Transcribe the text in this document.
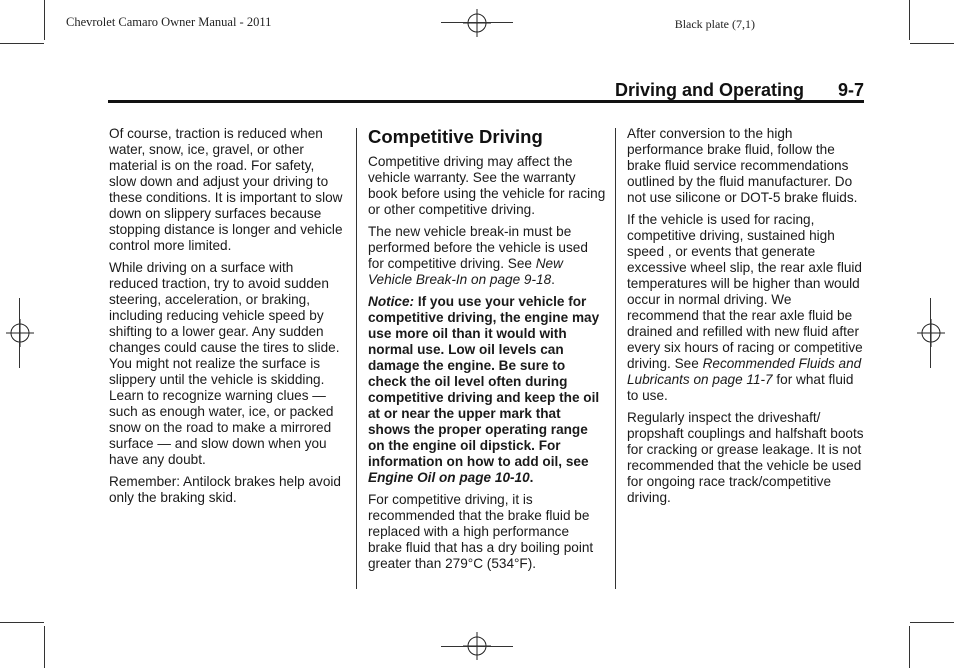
Chevrolet Camaro Owner Manual - 2011	Black plate (7,1)
Driving and Operating 9-7

Of course, traction is reduced when water, snow, ice, gravel, or other material is on the road. For safety, slow down and adjust your driving to these conditions. It is important to slow down on slippery surfaces because stopping distance is longer and vehicle control more limited.

While driving on a surface with reduced traction, try to avoid sudden steering, acceleration, or braking, including reducing vehicle speed by shifting to a lower gear. Any sudden changes could cause the tires to slide. You might not realize the surface is slippery until the vehicle is skidding. Learn to recognize warning clues — such as enough water, ice, or packed snow on the road to make a mirrored surface — and slow down when you have any doubt.

Remember: Antilock brakes help avoid only the braking skid.

Competitive Driving

Competitive driving may affect the vehicle warranty. See the warranty book before using the vehicle for racing or other competitive driving.

The new vehicle break-in must be performed before the vehicle is used for competitive driving. See New Vehicle Break-In on page 9-18.

Notice: If you use your vehicle for competitive driving, the engine may use more oil than it would with normal use. Low oil levels can damage the engine. Be sure to check the oil level often during competitive driving and keep the oil at or near the upper mark that shows the proper operating range on the engine oil dipstick. For information on how to add oil, see Engine Oil on page 10-10.

For competitive driving, it is recommended that the brake fluid be replaced with a high performance brake fluid that has a dry boiling point greater than 279°C (534°F).

After conversion to the high performance brake fluid, follow the brake fluid service recommendations outlined by the fluid manufacturer. Do not use silicone or DOT-5 brake fluids.

If the vehicle is used for racing, competitive driving, sustained high speed , or events that generate excessive wheel slip, the rear axle fluid temperatures will be higher than would occur in normal driving. We recommend that the rear axle fluid be drained and refilled with new fluid after every six hours of racing or competitive driving. See Recommended Fluids and Lubricants on page 11-7 for what fluid to use.

Regularly inspect the driveshaft/ propshaft couplings and halfshaft boots for cracking or grease leakage. It is not recommended that the vehicle be used for ongoing race track/competitive driving.
